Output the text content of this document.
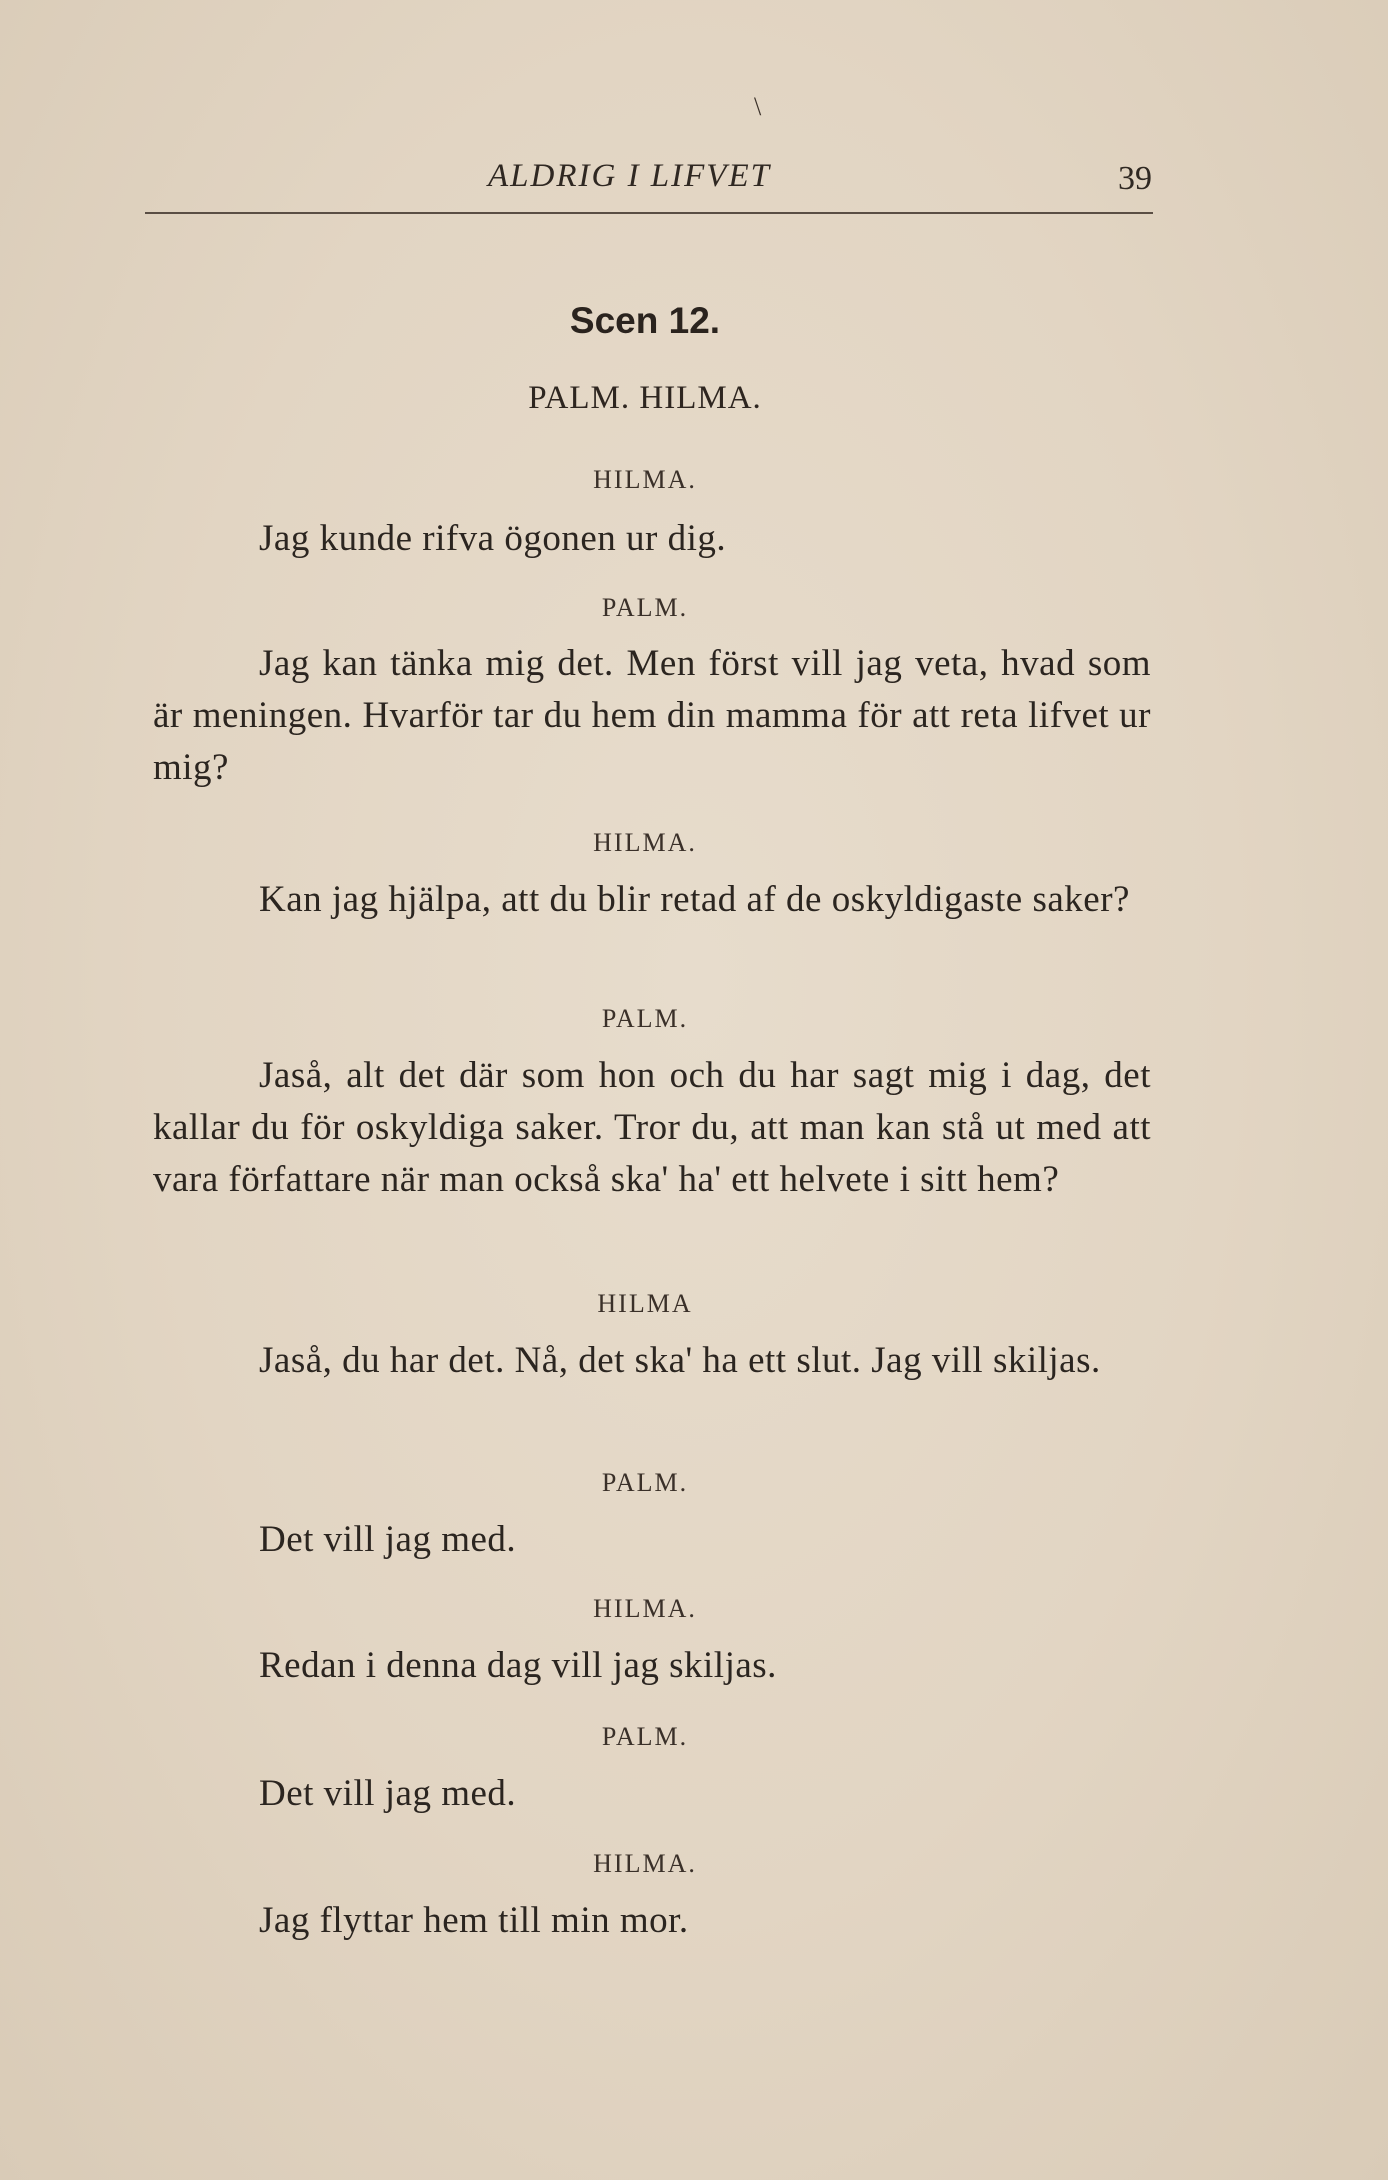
\
ALDRIG I LIFVET	39
Scen 12.
PALM. HILMA.
HILMA.
Jag kunde rifva ögonen ur dig.
PALM.
Jag kan tänka mig det. Men först vill jag veta, hvad som är meningen. Hvarför tar du hem din mamma för att reta lifvet ur mig?
HILMA.
Kan jag hjälpa, att du blir retad af de oskyldigaste saker?
PALM.
Jaså, alt det där som hon och du har sagt mig i dag, det kallar du för oskyldiga saker. Tror du, att man kan stå ut med att vara författare när man också ska' ha' ett helvete i sitt hem?
HILMA
Jaså, du har det. Nå, det ska' ha ett slut. Jag vill skiljas.
PALM.
Det vill jag med.
HILMA.
Redan i denna dag vill jag skiljas.
PALM.
Det vill jag med.
HILMA.
Jag flyttar hem till min mor.
